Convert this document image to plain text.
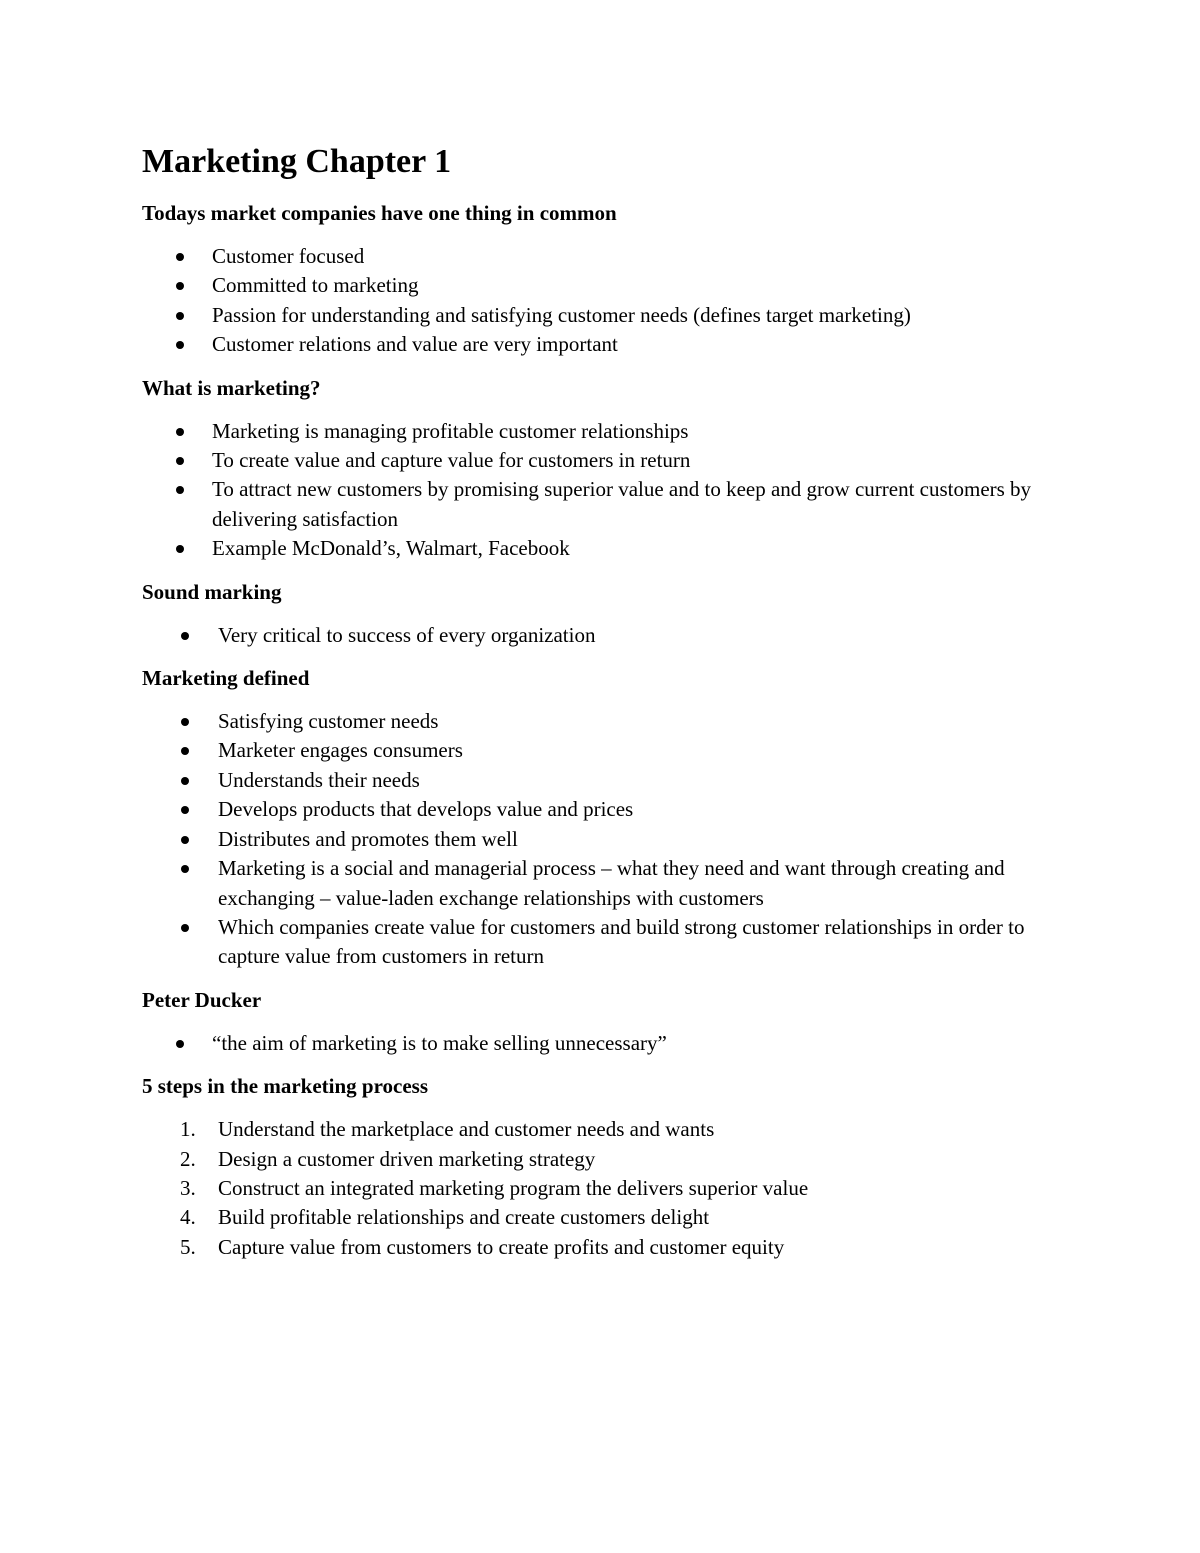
Marketing Chapter 1
Todays market companies have one thing in common
Customer focused
Committed to marketing
Passion for understanding and satisfying customer needs (defines target marketing)
Customer relations and value are very important
What is marketing?
Marketing is managing profitable customer relationships
To create value and capture value for customers in return
To attract new customers by promising superior value and to keep and grow current customers by delivering satisfaction
Example McDonald’s, Walmart, Facebook
Sound marking
Very critical to success of every organization
Marketing defined
Satisfying customer needs
Marketer engages consumers
Understands their needs
Develops products that develops value and prices
Distributes and promotes them well
Marketing is a social and managerial process – what they need and want through creating and exchanging – value-laden exchange relationships with customers
Which companies create value for customers and build strong customer relationships in order to capture value from customers in return
Peter Ducker
“the aim of marketing is to make selling unnecessary”
5 steps in the marketing process
1. Understand the marketplace and customer needs and wants
2. Design a customer driven marketing strategy
3. Construct an integrated marketing program the delivers superior value
4. Build profitable relationships and create customers delight
5. Capture value from customers to create profits and customer equity
